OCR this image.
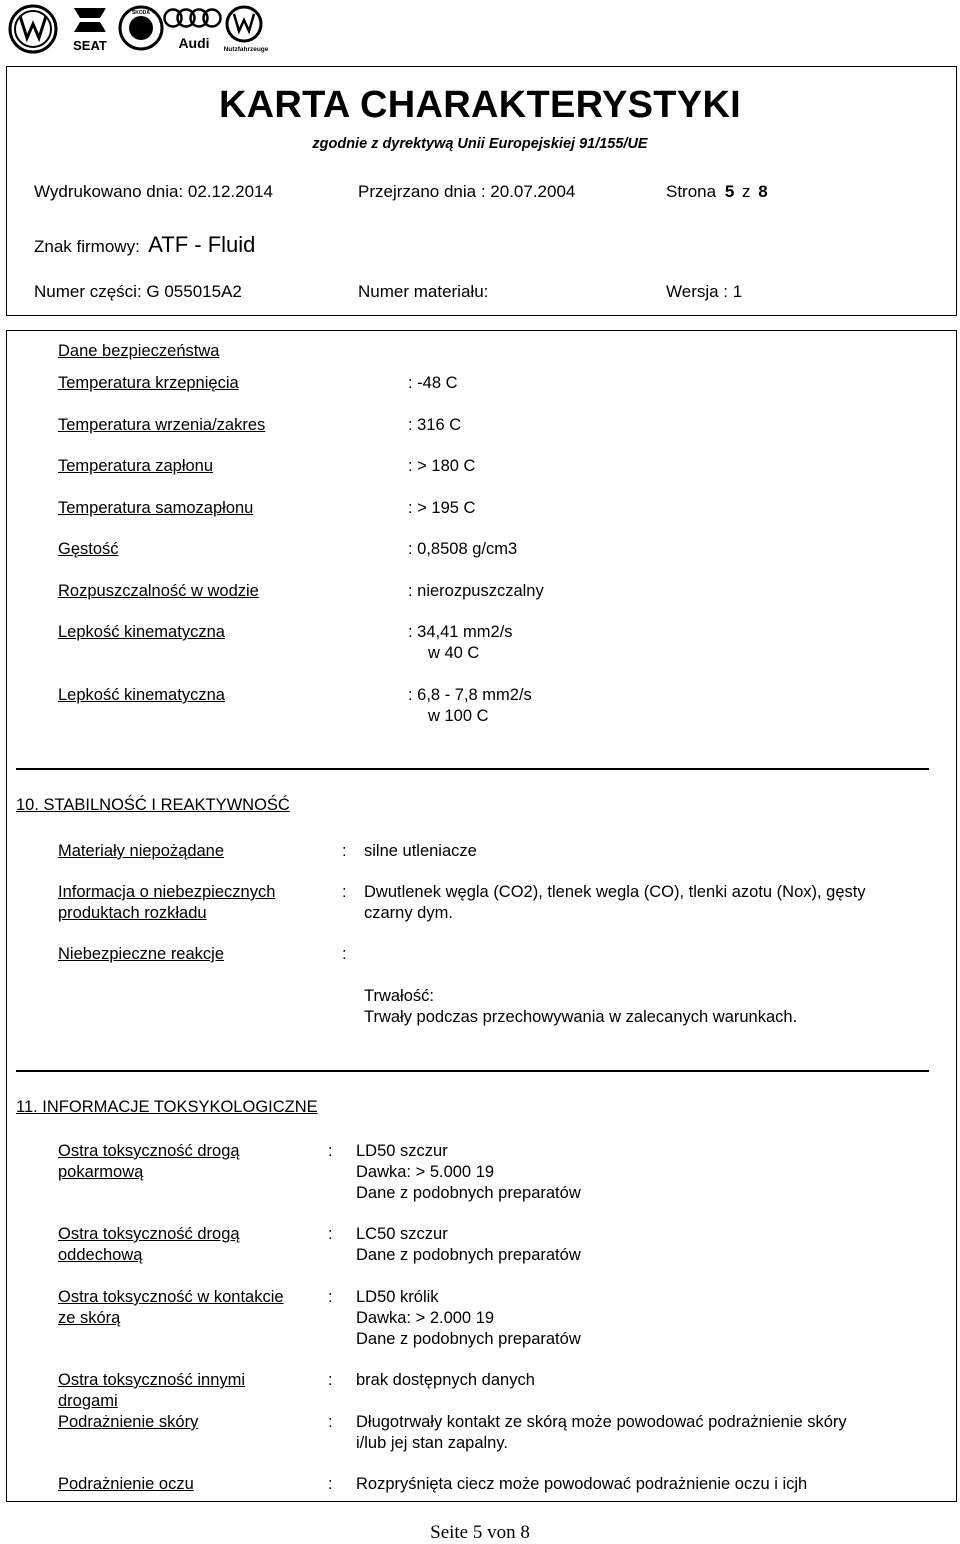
SEAT
ŠKODA
Audi Nutzfahrzeuge
KARTA CHARAKTERYSTYKI
zgodnie z dyrektywą Unii Europejskiej 91/155/UE
Wydrukowano dnia: 02.12.2014	Przejrzano dnia : 20.07.2004	Strona 5 z 8
Znak firmowy: ATF - Fluid
Numer części: G 055015A2	Numer materiału:	Wersja : 1
Dane bezpieczeństwa
Temperatura krzepnięcia	: -48 C
Temperatura wrzenia/zakres	: 316 C
Temperatura zapłonu	: > 180 C
Temperatura samozapłonu	: > 195 C
Gęstość	: 0,8508 g/cm3
Rozpuszczalność w wodzie	: nierozpuszczalny
Lepkość kinematyczna	: 34,41 mm2/s
w 40 C
Lepkość kinematyczna	: 6,8 - 7,8 mm2/s
w 100 C
10. STABILNOŚĆ I REAKTYWNOŚĆ
Materiały niepożądane	: silne utleniacze
Informacja o niebezpiecznych
produktach rozkładu
: Dwutlenek węgla (CO2), tlenek wegla (CO), tlenki azotu (Nox), gęsty
czarny dym.
Niebezpieczne reakcje	:
Trwałość:
Trwały podczas przechowywania w zalecanych warunkach.
11. INFORMACJE TOKSYKOLOGICZNE
Ostra toksyczność drogą
pokarmową
: LD50 szczur
Dawka: > 5.000 19
Dane z podobnych preparatów
Ostra toksyczność drogą
oddechową
: LC50 szczur
Dane z podobnych preparatów
Ostra toksyczność w kontakcie
ze skórą
: LD50 królik
Dawka: > 2.000 19
Dane z podobnych preparatów
Ostra toksyczność innymi
drogami
: brak dostępnych danych
Podrażnienie skóry	: Długotrwały kontakt ze skórą może powodować podrażnienie skóry
i/lub jej stan zapalny.
Podrażnienie oczu	: Rozpryśnięta ciecz może powodować podrażnienie oczu i icjh
Seite 5 von 8
